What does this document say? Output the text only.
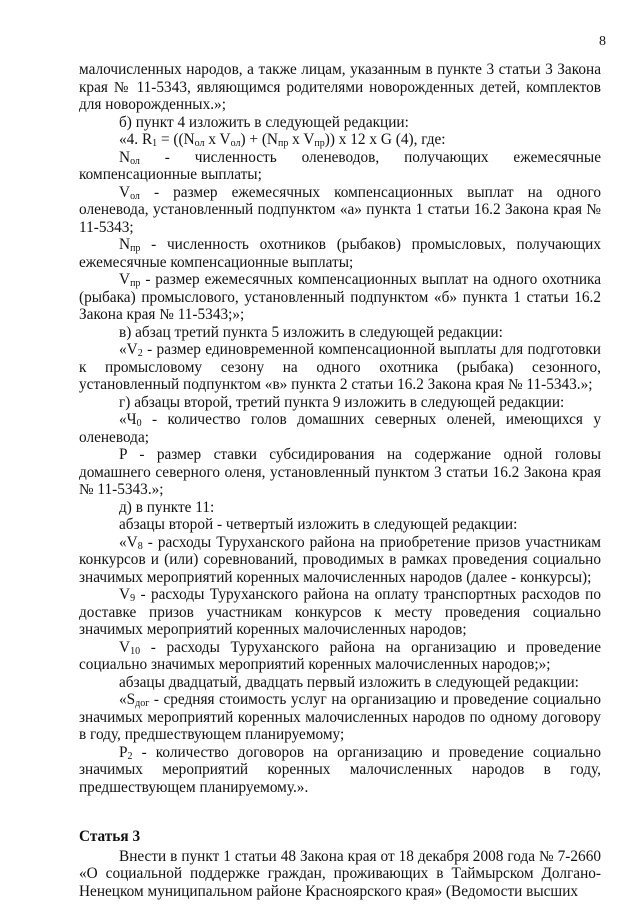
8

малочисленных народов, а также лицам, указанным в пункте 3 статьи 3 Закона края № 11-5343, являющимся родителями новорожденных детей, комплектов для новорожденных.»;

б) пункт 4 изложить в следующей редакции:

«4. $R_1 = ((N_{ол}$ x $V_{ол}) + (N_{пр}$ x $V_{пр}$)) x 12 x G (4), где:

$N_{ол}$ - численность оленеводов, получающих ежемесячные компенсационные выплаты;

$V_{ол}$ - размер ежемесячных компенсационных выплат на одного оленевода, установленный подпунктом «а» пункта 1 статьи 16.2 Закона края № 11-5343;

$N_{пр}$ - численность охотников (рыбаков) промысловых, получающих ежемесячные компенсационные выплаты;

$V_{пр}$ - размер ежемесячных компенсационных выплат на одного охотника (рыбака) промыслового, установленный подпунктом «б» пункта 1 статьи 16.2 Закона края № 11-5343;»;

в) абзац третий пункта 5 изложить в следующей редакции:

«$V_2$ - размер единовременной компенсационной выплаты для подготовки к промысловому сезону на одного охотника (рыбака) сезонного, установленный подпунктом «в» пункта 2 статьи 16.2 Закона края № 11-5343.»;

г) абзацы второй, третий пункта 9 изложить в следующей редакции:

«$Ч_0$ - количество голов домашних северных оленей, имеющихся у оленевода;

P - размер ставки субсидирования на содержание одной головы домашнего северного оленя, установленный пунктом 3 статьи 16.2 Закона края № 11-5343.»;

д) в пункте 11:

абзацы второй - четвертый изложить в следующей редакции:

«$V_8$ - расходы Туруханского района на приобретение призов участникам конкурсов и (или) соревнований, проводимых в рамках проведения социально значимых мероприятий коренных малочисленных народов (далее - конкурсы);

$V_9$ - расходы Туруханского района на оплату транспортных расходов по доставке призов участникам конкурсов к месту проведения социально значимых мероприятий коренных малочисленных народов;

$V_{10}$ - расходы Туруханского района на организацию и проведение социально значимых мероприятий коренных малочисленных народов;»;

абзацы двадцатый, двадцать первый изложить в следующей редакции:

«$S_{дог}$ - средняя стоимость услуг на организацию и проведение социально значимых мероприятий коренных малочисленных народов по одному договору в году, предшествующем планируемому;

$P_2$ - количество договоров на организацию и проведение социально значимых мероприятий коренных малочисленных народов в году, предшествующем планируемому.».

Статья 3

Внести в пункт 1 статьи 48 Закона края от 18 декабря 2008 года № 7-2660 «О социальной поддержке граждан, проживающих в Таймырском Долгано-Ненецком муниципальном районе Красноярского края» (Ведомости высших
